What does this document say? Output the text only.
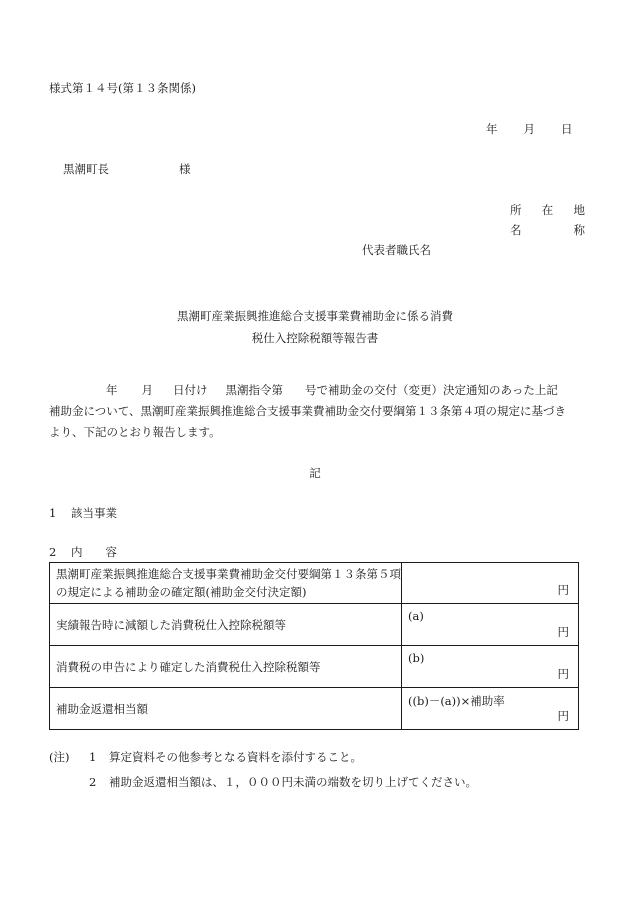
様式第１４号(第１３条関係)
年 月 日
黒潮町長	様
所 在 地
名	称
代表者職氏名
黒潮町産業振興推進総合支援事業費補助金に係る消費
税仕入控除税額等報告書
年 月 日付け 黒潮指令第 号で補助金の交付（変更）決定通知のあった上記
補助金について、黒潮町産業振興推進総合支援事業費補助金交付要綱第１３条第４項の規定に基づき
より、下記のとおり報告します。
記
1 該当事業
2 内　　容
黒潮町産業振興推進総合支援事業費補助金交付要綱第１３条第５項の規定による補助金の確定額(補助金交付決定額)	円

実績報告時に減額した消費税仕入控除税額等	(a)
円

消費税の申告により確定した消費税仕入控除税額等	(b)
円

補助金返還相当額	((b)－(a))×補助率
円
(注) 1 算定資料その他参考となる資料を添付すること。
2 補助金返還相当額は、１，０００円未満の端数を切り上げてください。
